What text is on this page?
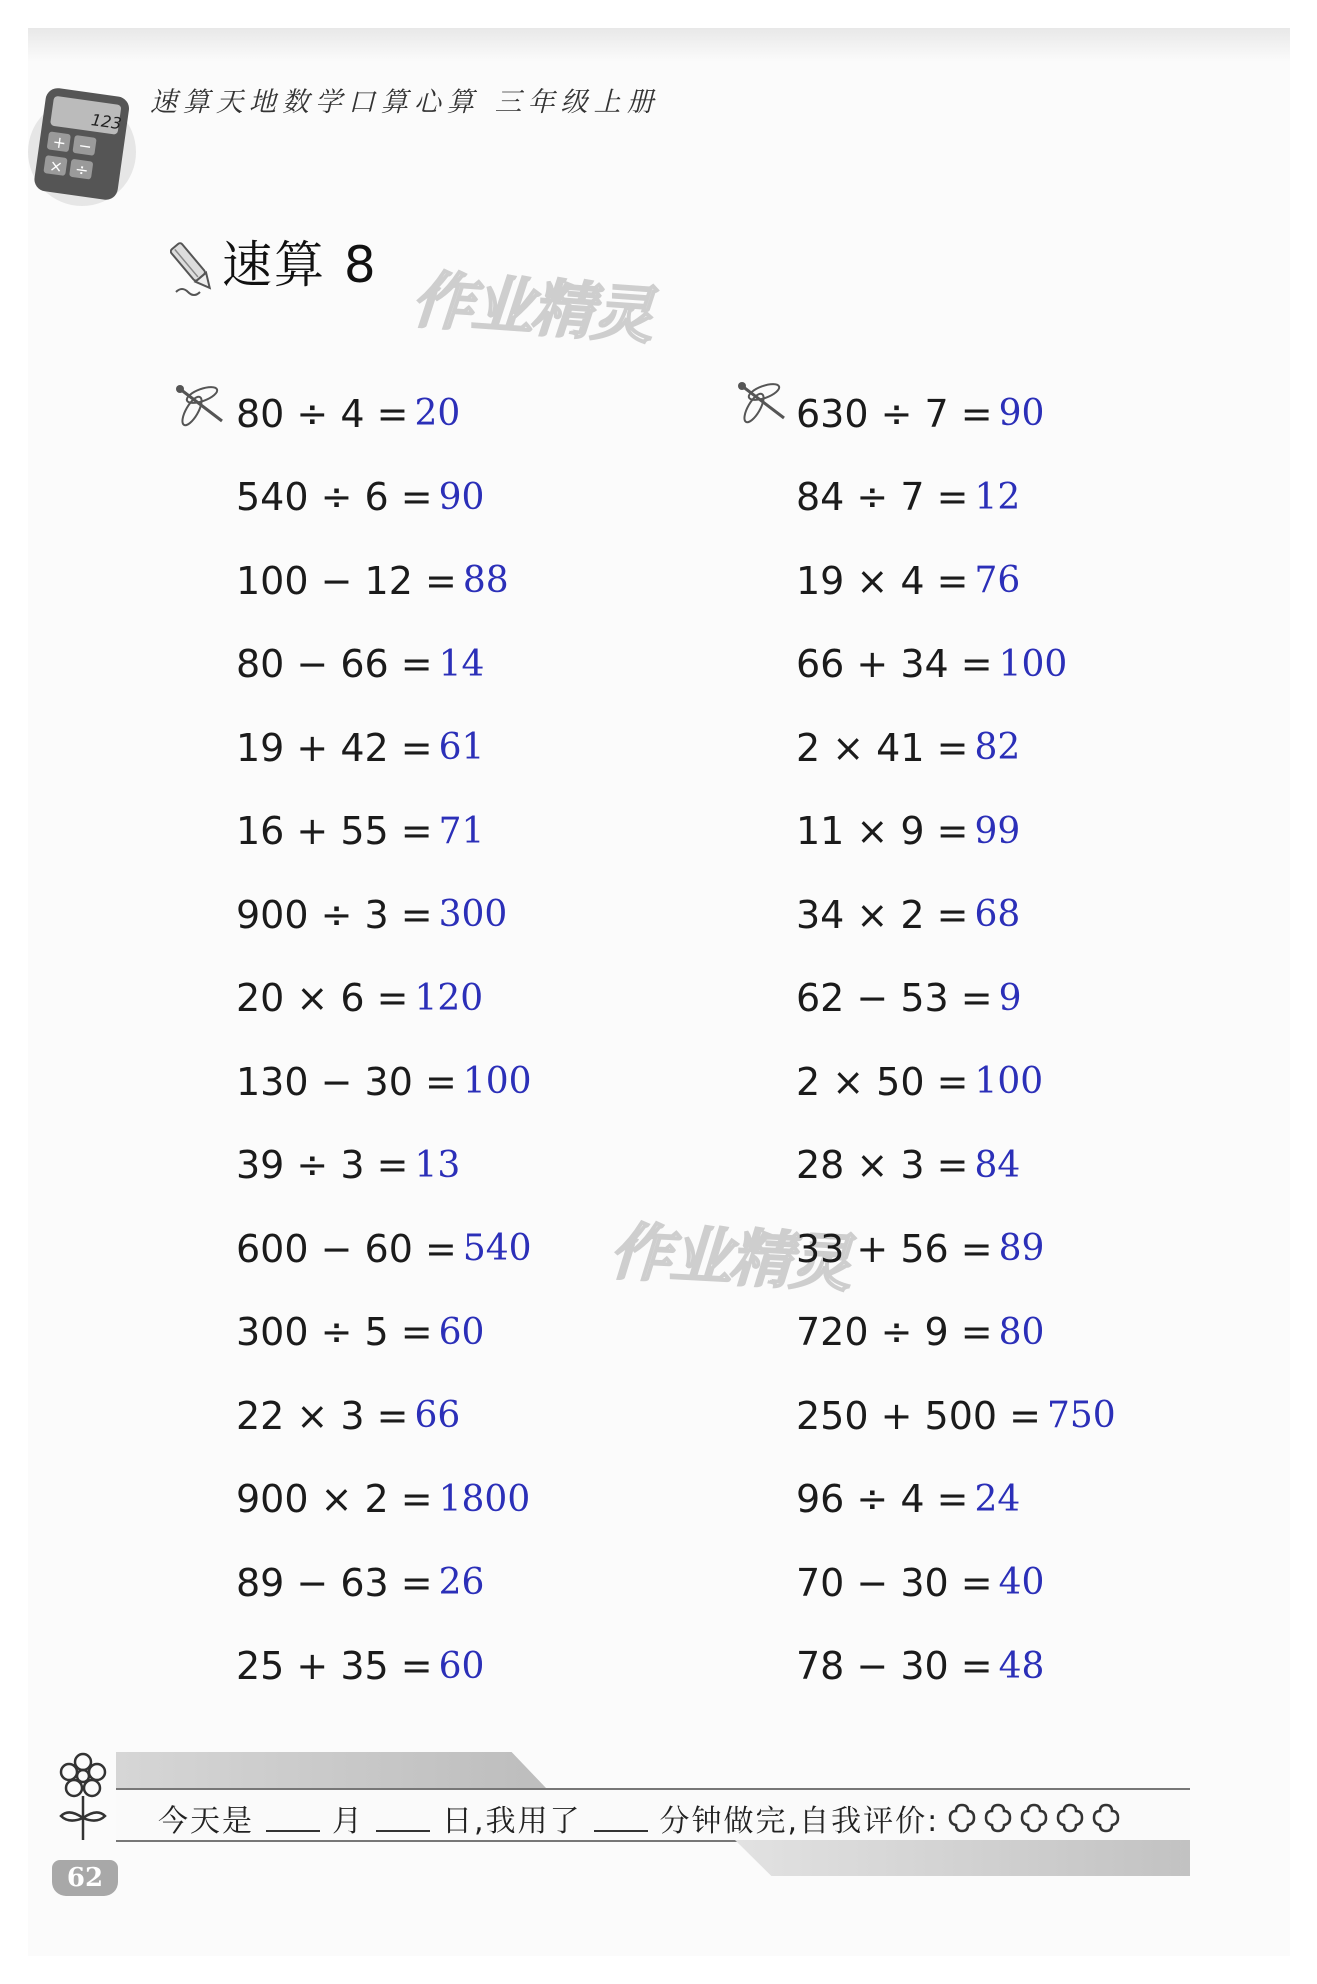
123
+ −
× ÷
速算天地数学口算心算 三年级上册
速算 8 作业精灵
作业精灵
80 ÷ 4 = 20
540 ÷ 6 = 90
100 − 12 = 88
80 − 66 = 14
19 + 42 = 61
16 + 55 = 71
900 ÷ 3 = 300
20 × 6 = 120
130 − 30 = 100
39 ÷ 3 = 13
600 − 60 = 540
300 ÷ 5 = 60
22 × 3 = 66
900 × 2 = 1800
89 − 63 = 26
25 + 35 = 60
630 ÷ 7 = 90
84 ÷ 7 = 12
19 × 4 = 76
66 + 34 = 100
2 × 41 = 82
11 × 9 = 99
34 × 2 = 68
62 − 53 = 9
2 × 50 = 100
28 × 3 = 84
33 + 56 = 89
720 ÷ 9 = 80
250 + 500 = 750
96 ÷ 4 = 24
70 − 30 = 40
78 − 30 = 48
今天是	月	日,我用了	分钟做完,自我评价:
62
